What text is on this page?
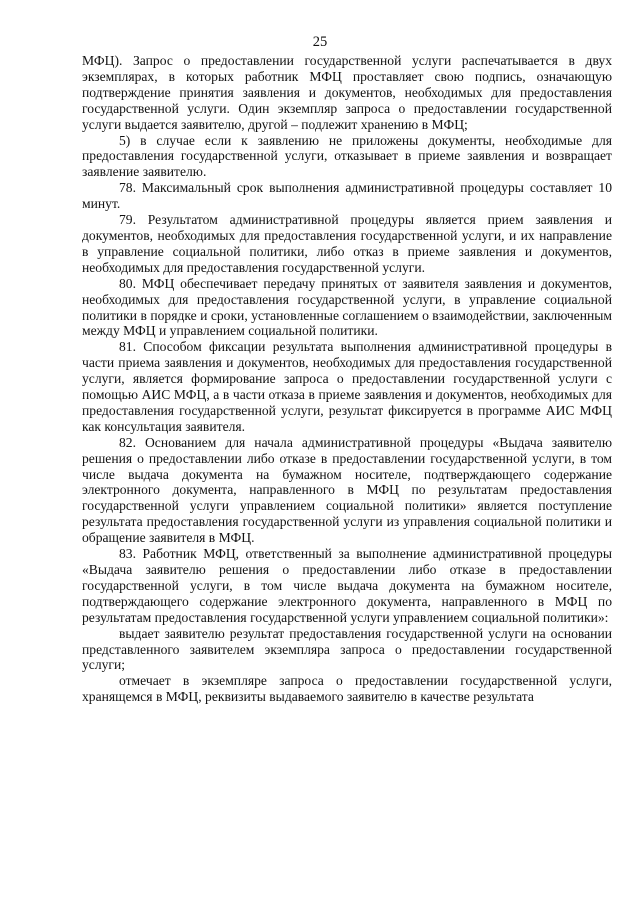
25

МФЦ). Запрос о предоставлении государственной услуги распечатывается в двух экземплярах, в которых работник МФЦ проставляет свою подпись, означающую подтверждение принятия заявления и документов, необходимых для предоставления государственной услуги. Один экземпляр запроса о предоставлении государственной услуги выдается заявителю, другой – подлежит хранению в МФЦ;

5) в случае если к заявлению не приложены документы, необходимые для предоставления государственной услуги, отказывает в приеме заявления и возвращает заявление заявителю.

78. Максимальный срок выполнения административной процедуры составляет 10 минут.

79. Результатом административной процедуры является прием заявления и документов, необходимых для предоставления государственной услуги, и их направление в управление социальной политики, либо отказ в приеме заявления и документов, необходимых для предоставления государственной услуги.

80. МФЦ обеспечивает передачу принятых от заявителя заявления и документов, необходимых для предоставления государственной услуги, в управление социальной политики в порядке и сроки, установленные соглашением о взаимодействии, заключенным между МФЦ и управлением социальной политики.

81. Способом фиксации результата выполнения административной процедуры в части приема заявления и документов, необходимых для предоставления государственной услуги, является формирование запроса о предоставлении государственной услуги с помощью АИС МФЦ, а в части отказа в приеме заявления и документов, необходимых для предоставления государственной услуги, результат фиксируется в программе АИС МФЦ как консультация заявителя.

82. Основанием для начала административной процедуры «Выдача заявителю решения о предоставлении либо отказе в предоставлении государственной услуги, в том числе выдача документа на бумажном носителе, подтверждающего содержание электронного документа, направленного в МФЦ по результатам предоставления государственной услуги управлением социальной политики» является поступление результата предоставления государственной услуги из управления социальной политики и обращение заявителя в МФЦ.

83. Работник МФЦ, ответственный за выполнение административной процедуры «Выдача заявителю решения о предоставлении либо отказе в предоставлении государственной услуги, в том числе выдача документа на бумажном носителе, подтверждающего содержание электронного документа, направленного в МФЦ по результатам предоставления государственной услуги управлением социальной политики»:

выдает заявителю результат предоставления государственной услуги на основании представленного заявителем экземпляра запроса о предоставлении государственной услуги;

отмечает в экземпляре запроса о предоставлении государственной услуги, хранящемся в МФЦ, реквизиты выдаваемого заявителю в качестве результата
